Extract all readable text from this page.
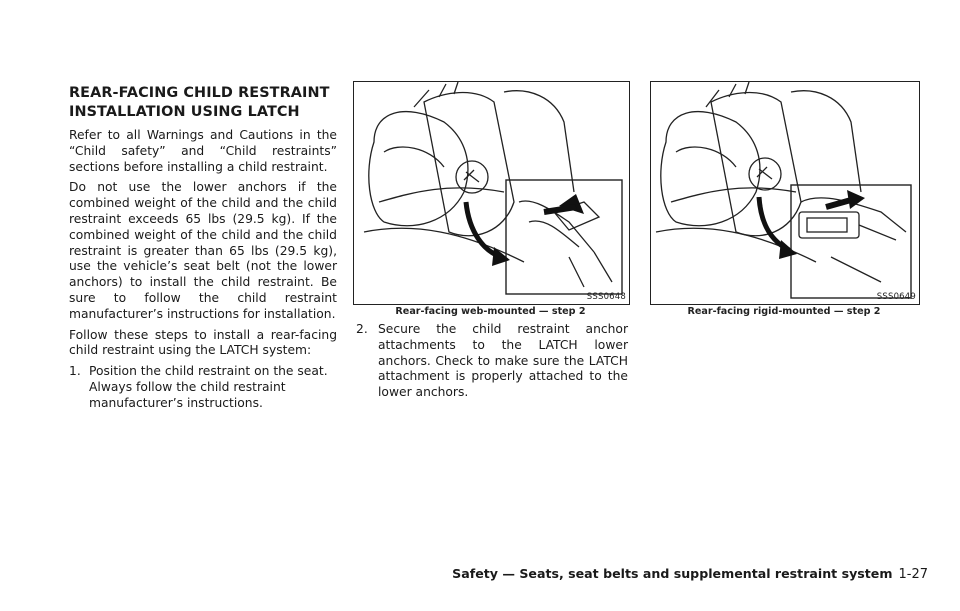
REAR-FACING CHILD RESTRAINT
INSTALLATION USING LATCH

Refer to all Warnings and Cautions in the “Child safety” and “Child restraints” sections before installing a child restraint.

Do not use the lower anchors if the combined weight of the child and the child restraint exceeds 65 lbs (29.5 kg). If the combined weight of the child and the child restraint is greater than 65 lbs (29.5 kg), use the vehicle’s seat belt (not the lower anchors) to install the child restraint. Be sure to follow the child restraint manufacturer’s instructions for installation.

Follow these steps to install a rear-facing child restraint using the LATCH system:

1. Position the child restraint on the seat. Always follow the child restraint manufacturer’s instructions.
SSS0648
Rear-facing web-mounted — step 2
SSS0649
Rear-facing rigid-mounted — step 2
2. Secure the child restraint anchor attachments to the LATCH lower anchors. Check to make sure the LATCH attachment is properly attached to the lower anchors.
Safety — Seats, seat belts and supplemental restraint system 1-27
